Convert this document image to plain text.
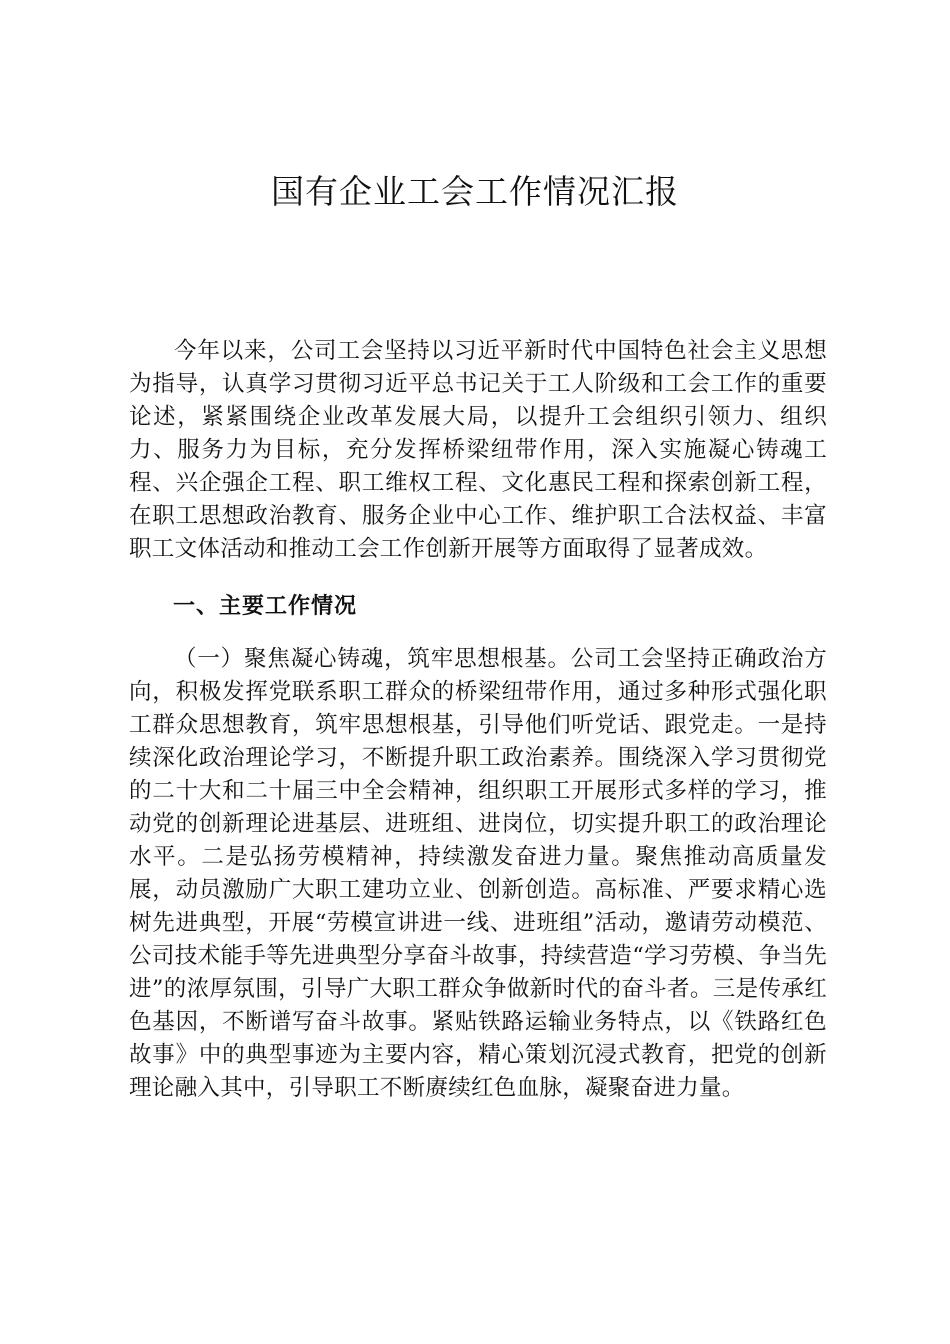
国有企业工会工作情况汇报

今年以来，公司工会坚持以习近平新时代中国特色社会主义思想为指导，认真学习贯彻习近平总书记关于工人阶级和工会工作的重要论述，紧紧围绕企业改革发展大局，以提升工会组织引领力、组织力、服务力为目标，充分发挥桥梁纽带作用，深入实施凝心铸魂工程、兴企强企工程、职工维权工程、文化惠民工程和探索创新工程，在职工思想政治教育、服务企业中心工作、维护职工合法权益、丰富职工文体活动和推动工会工作创新开展等方面取得了显著成效。

一、主要工作情况

（一）聚焦凝心铸魂，筑牢思想根基。公司工会坚持正确政治方向，积极发挥党联系职工群众的桥梁纽带作用，通过多种形式强化职工群众思想教育，筑牢思想根基，引导他们听党话、跟党走。一是持续深化政治理论学习，不断提升职工政治素养。围绕深入学习贯彻党的二十大和二十届三中全会精神，组织职工开展形式多样的学习，推动党的创新理论进基层、进班组、进岗位，切实提升职工的政治理论水平。二是弘扬劳模精神，持续激发奋进力量。聚焦推动高质量发展，动员激励广大职工建功立业、创新创造。高标准、严要求精心选树先进典型，开展“劳模宣讲进一线、进班组”活动，邀请劳动模范、公司技术能手等先进典型分享奋斗故事，持续营造“学习劳模、争当先进”的浓厚氛围，引导广大职工群众争做新时代的奋斗者。三是传承红色基因，不断谱写奋斗故事。紧贴铁路运输业务特点，以《铁路红色故事》中的典型事迹为主要内容，精心策划沉浸式教育，把党的创新理论融入其中，引导职工不断赓续红色血脉，凝聚奋进力量。
